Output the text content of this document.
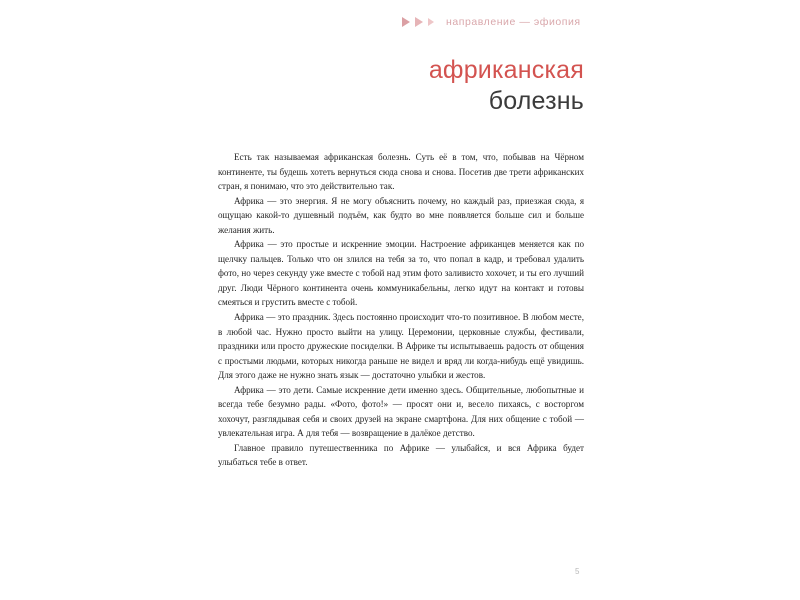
направление — эфиопия
африканская
болезнь

Есть так называемая африканская болезнь. Суть её в том, что, побывав на Чёрном континенте, ты будешь хотеть вернуться сюда снова и снова. Посетив две трети африканских стран, я понимаю, что это действительно так.

Африка — это энергия. Я не могу объяснить почему, но каждый раз, приезжая сюда, я ощущаю какой-то душевный подъём, как будто во мне появляется больше сил и больше желания жить.

Африка — это простые и искренние эмоции. Настроение африканцев меняется как по щелчку пальцев. Только что он злился на тебя за то, что попал в кадр, и требовал удалить фото, но через секунду уже вместе с тобой над этим фото заливисто хохочет, и ты его лучший друг. Люди Чёрного континента очень коммуникабельны, легко идут на контакт и готовы смеяться и грустить вместе с тобой.

Африка — это праздник. Здесь постоянно происходит что-то позитивное. В любом месте, в любой час. Нужно просто выйти на улицу. Церемонии, церковные службы, фестивали, праздники или просто дружеские посиделки. В Африке ты испытываешь радость от общения с простыми людьми, которых никогда раньше не видел и вряд ли когда-нибудь ещё увидишь. Для этого даже не нужно знать язык — достаточно улыбки и жестов.

Африка — это дети. Самые искренние дети именно здесь. Общительные, любопытные и всегда тебе безумно рады. «Фото, фото!» — просят они и, весело пихаясь, с восторгом хохочут, разглядывая себя и своих друзей на экране смартфона. Для них общение с тобой — увлекательная игра. А для тебя — возвращение в далёкое детство.

Главное правило путешественника по Африке — улыбайся, и вся Африка будет улыбаться тебе в ответ.

5
